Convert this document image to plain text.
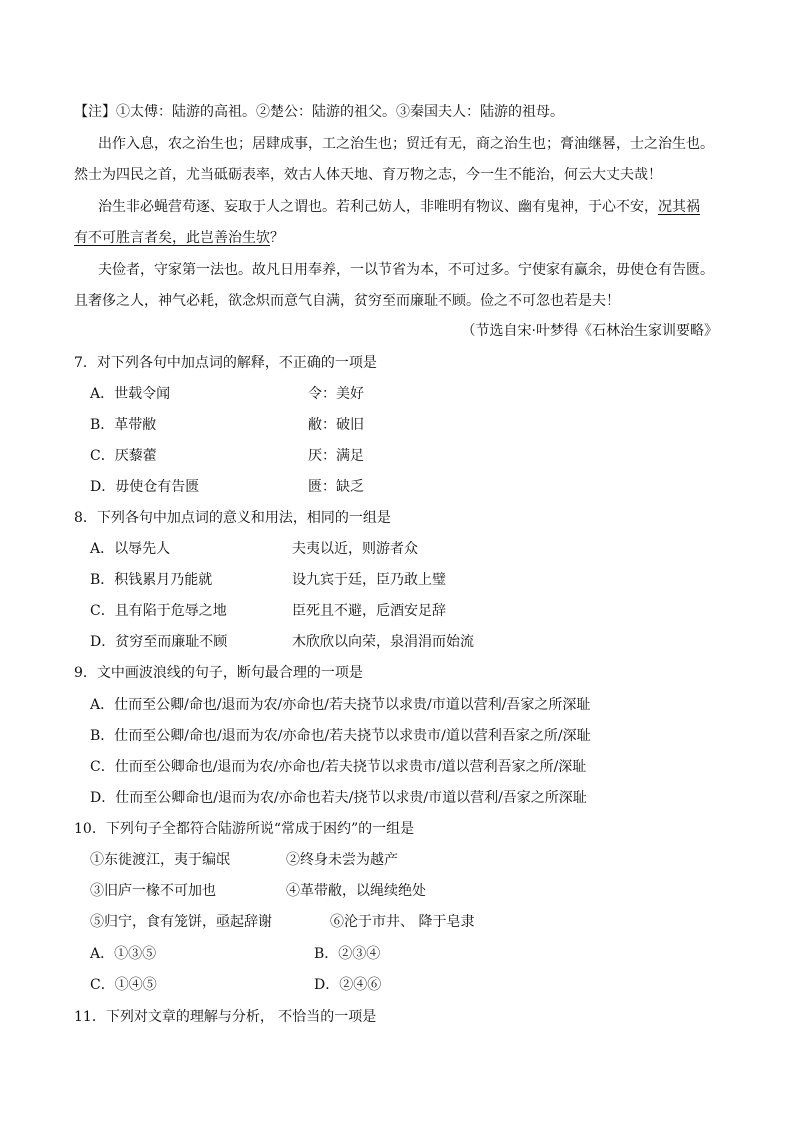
【注】①太傅：陆游的高祖。②楚公：陆游的祖父。③秦国夫人：陆游的祖母。
出作入息，农之治生也；居肆成事，工之治生也；贸迁有无，商之治生也；膏油继晷，士之治生也。
然士为四民之首，尤当砥砺表率，效古人体天地、育万物之志，今一生不能治，何云大丈夫哉！
治生非必蝇营苟逐、妄取于人之谓也。若利己妨人，非唯明有物议、幽有鬼神，于心不安，况其祸
有不可胜言者矣，此岂善治生欤？
夫俭者，守家第一法也。故凡日用奉养，一以节省为本，不可过多。宁使家有赢余，毋使仓有告匮。
且奢侈之人，神气必耗，欲念炽而意气自满，贫穷至而廉耻不顾。俭之不可忽也若是夫！
（节选自宋·叶梦得《石林治生家训要略》
7．对下列各句中加点词的解释，不正确的一项是
A．世载令闻	令：美好
B．革带敝	敝：破旧
C．厌藜藿	厌：满足
D．毋使仓有告匮	匮：缺乏
8．下列各句中加点词的意义和用法，相同的一组是
A．以辱先人	夫夷以近，则游者众
B．积钱累月乃能就	设九宾于廷，臣乃敢上璧
C．且有陷于危辱之地	臣死且不避，卮酒安足辞
D．贫穷至而廉耻不顾	木欣欣以向荣，泉涓涓而始流
9．文中画波浪线的句子，断句最合理的一项是
A．仕而至公卿/命也/退而为农/亦命也/若夫挠节以求贵/市道以营利/吾家之所深耻
B．仕而至公卿/命也/退而为农/亦命也/若夫挠节以求贵市/道以营利吾家之所/深耻
C．仕而至公卿命也/退而为农/亦命也/若夫挠节以求贵市/道以营利吾家之所/深耻
D．仕而至公卿命也/退而为农/亦命也若夫/挠节以求贵/市道以营利/吾家之所深耻
10．下列句子全都符合陆游所说“常成于困约”的一组是
①东徙渡江，夷于编氓	②终身未尝为越产
③旧庐一椽不可加也	④革带敝，以绳续绝处
⑤归宁，食有笼饼，亟起辞谢	⑥沦于市井、 降于皂隶
A．①③⑤	B．②③④
C．①④⑤	D．②④⑥
11．下列对文章的理解与分析， 不恰当的一项是
